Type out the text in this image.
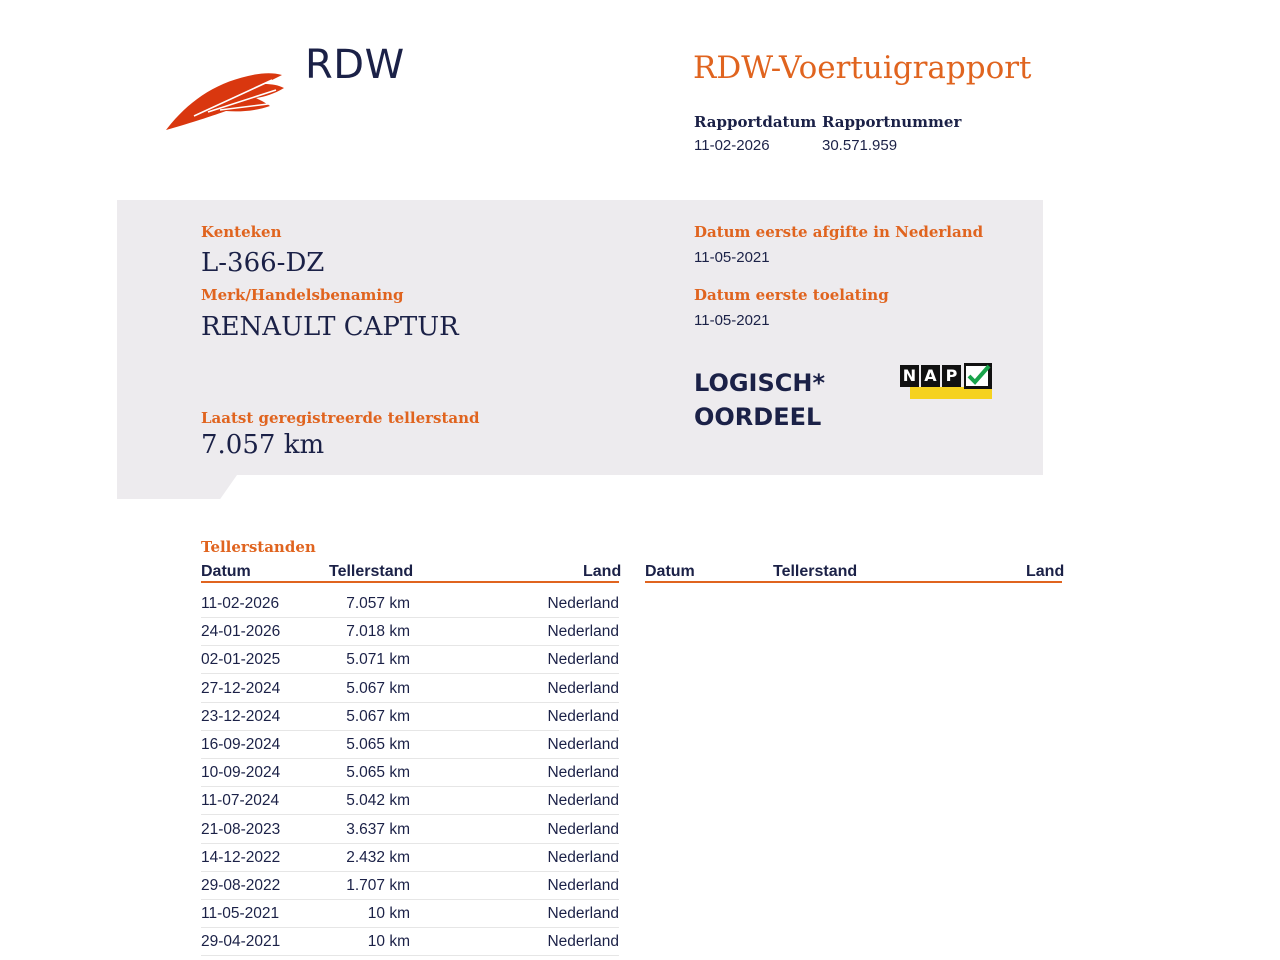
RDW	RDW-Voertuigrapport
Rapportdatum
11-02-2026
Rapportnummer
30.571.959
Kenteken
L-366-DZ
Merk/Handelsbenaming
RENAULT CAPTUR
Laatst geregistreerde tellerstand
7.057 km
Datum eerste afgifte in Nederland
11-05-2021
Datum eerste toelating
11-05-2021
LOGISCH*
OORDEEL
N A P
Tellerstanden
Datum	Tellerstand	Land Datum	Tellerstand	Land
11-02-2026	7.057 km	Nederland
24-01-2026	7.018 km	Nederland
02-01-2025	5.071 km	Nederland
27-12-2024	5.067 km	Nederland
23-12-2024	5.067 km	Nederland
16-09-2024	5.065 km	Nederland
10-09-2024	5.065 km	Nederland
11-07-2024	5.042 km	Nederland
21-08-2023	3.637 km	Nederland
14-12-2022	2.432 km	Nederland
29-08-2022	1.707 km	Nederland
11-05-2021	10 km	Nederland
29-04-2021	10 km	Nederland
